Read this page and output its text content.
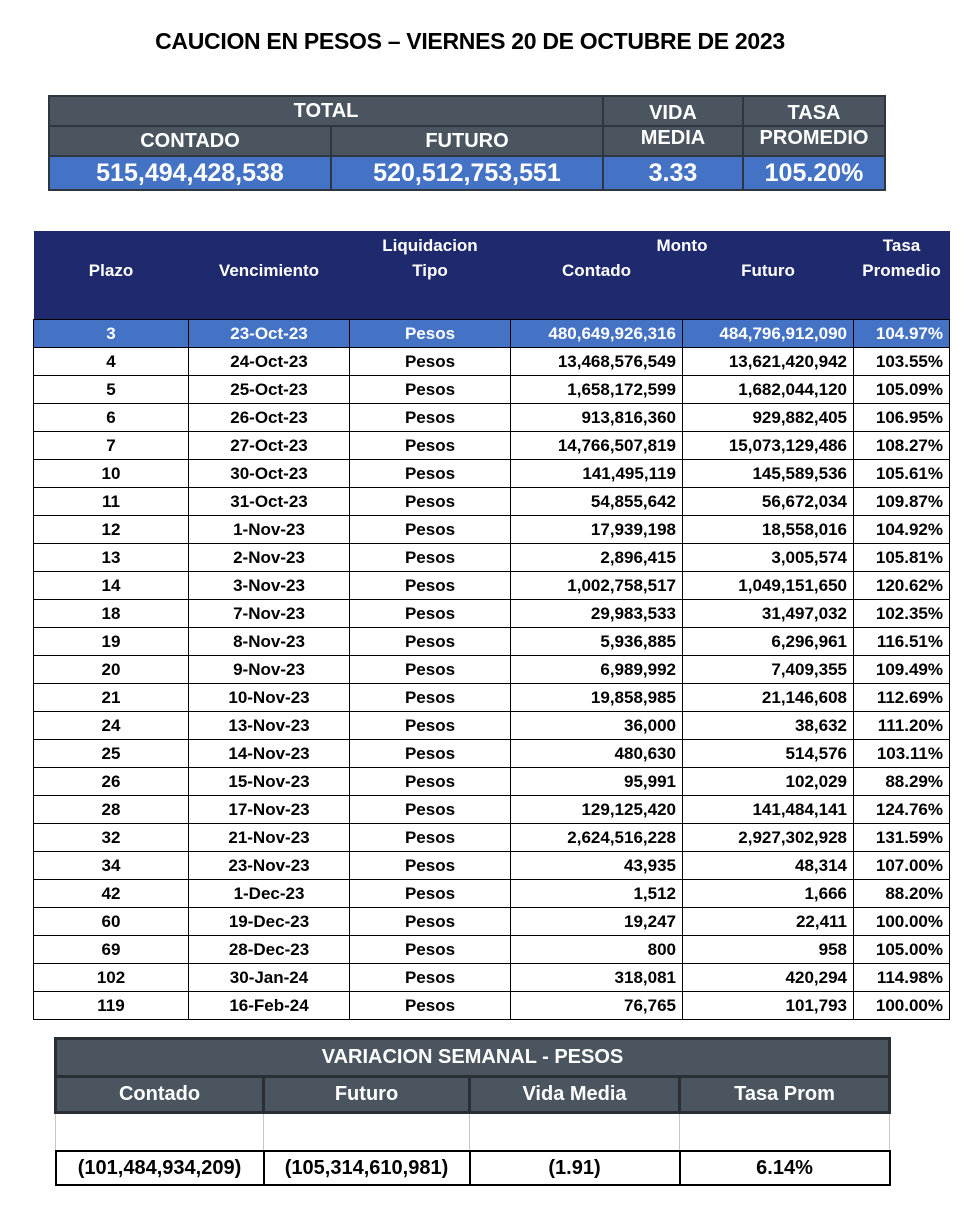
CAUCION EN PESOS – VIERNES 20 DE OCTUBRE DE 2023
TOTAL		VIDA	TASA
CONTADO	FUTURO	MEDIA	PROMEDIO
515,494,428,538	520,512,753,551	3.33	105.20%
		Liquidacion	Monto		Tasa
Plazo	Vencimiento	Tipo	Contado	Futuro	Promedio

3	23-Oct-23	Pesos	480,649,926,316	484,796,912,090	104.97%
4	24-Oct-23	Pesos	13,468,576,549	13,621,420,942	103.55%
5	25-Oct-23	Pesos	1,658,172,599	1,682,044,120	105.09%
6	26-Oct-23	Pesos	913,816,360	929,882,405	106.95%
7	27-Oct-23	Pesos	14,766,507,819	15,073,129,486	108.27%
10	30-Oct-23	Pesos	141,495,119	145,589,536	105.61%
11	31-Oct-23	Pesos	54,855,642	56,672,034	109.87%
12	1-Nov-23	Pesos	17,939,198	18,558,016	104.92%
13	2-Nov-23	Pesos	2,896,415	3,005,574	105.81%
14	3-Nov-23	Pesos	1,002,758,517	1,049,151,650	120.62%
18	7-Nov-23	Pesos	29,983,533	31,497,032	102.35%
19	8-Nov-23	Pesos	5,936,885	6,296,961	116.51%
20	9-Nov-23	Pesos	6,989,992	7,409,355	109.49%
21	10-Nov-23	Pesos	19,858,985	21,146,608	112.69%
24	13-Nov-23	Pesos	36,000	38,632	111.20%
25	14-Nov-23	Pesos	480,630	514,576	103.11%
26	15-Nov-23	Pesos	95,991	102,029	88.29%
28	17-Nov-23	Pesos	129,125,420	141,484,141	124.76%
32	21-Nov-23	Pesos	2,624,516,228	2,927,302,928	131.59%
34	23-Nov-23	Pesos	43,935	48,314	107.00%
42	1-Dec-23	Pesos	1,512	1,666	88.20%
60	19-Dec-23	Pesos	19,247	22,411	100.00%
69	28-Dec-23	Pesos	800	958	105.00%
102	30-Jan-24	Pesos	318,081	420,294	114.98%
119	16-Feb-24	Pesos	76,765	101,793	100.00%
VARIACION SEMANAL - PESOS			
Contado	Futuro	Vida Media	Tasa Prom

(101,484,934,209)	(105,314,610,981)	(1.91)	6.14%
